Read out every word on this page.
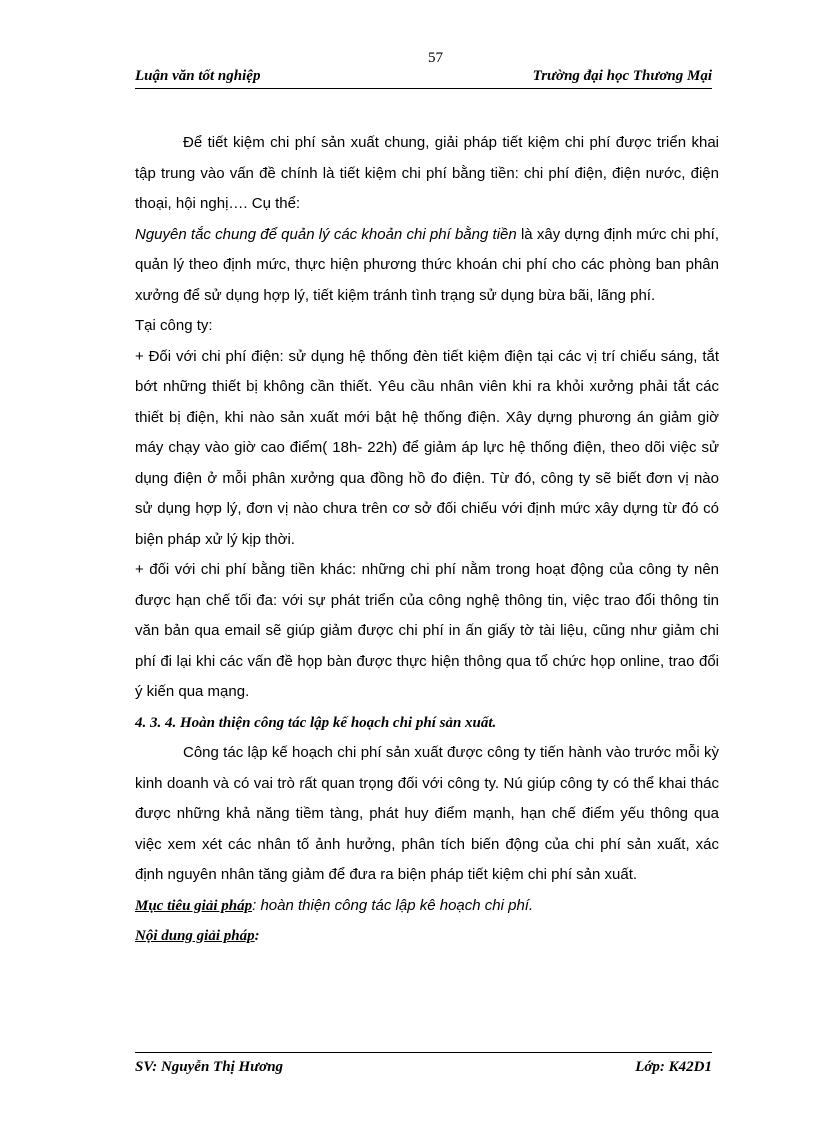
57
Luận văn tốt nghiệp	Trường đại học Thương Mại

Để tiết kiệm chi phí sản xuất chung, giải pháp tiết kiệm chi phí được triển khai tập trung vào vấn đề chính là tiết kiệm chi phí bằng tiền: chi phí điện, điện nước, điện thoại, hội nghị…. Cụ thể:

Nguyên tắc chung để quản lý các khoản chi phí bằng tiền là xây dựng định mức chi phí, quản lý theo định mức, thực hiện phương thức khoán chi phí cho các phòng ban phân xưởng để sử dụng hợp lý, tiết kiệm tránh tình trạng sử dụng bừa bãi, lãng phí.

Tại công ty:

+ Đối với chi phí điện: sử dụng hệ thống đèn tiết kiệm điện tại các vị trí chiếu sáng, tắt bớt những thiết bị không cần thiết. Yêu cầu nhân viên khi ra khỏi xưởng phải tắt các thiết bị điện, khi nào sản xuất mới bật hệ thống điện. Xây dựng phương án giảm giờ máy chạy vào giờ cao điểm( 18h- 22h) để giảm áp lực hệ thống điện, theo dõi việc sử dụng điện ở mỗi phân xưởng qua đồng hồ đo điện. Từ đó, công ty sẽ biết đơn vị nào sử dụng hợp lý, đơn vị nào chưa trên cơ sở đối chiếu với định mức xây dựng từ đó có biện pháp xử lý kịp thời.

+ đối với chi phí bằng tiền khác: những chi phí nằm trong hoạt động của công ty nên được hạn chế tối đa: với sự phát triển của công nghệ thông tin, việc trao đổi thông tin văn bản qua email sẽ giúp giảm được chi phí in ấn giấy tờ tài liệu, cũng như giảm chi phí đi lại khi các vấn đề họp bàn được thực hiện thông qua tổ chức họp online, trao đổi ý kiến qua mạng.

4. 3. 4. Hoàn thiện công tác lập kế hoạch chi phí sản xuất.

Công tác lập kế hoạch chi phí sản xuất được công ty tiến hành vào trước mỗi kỳ kinh doanh và có vai trò rất quan trọng đối với công ty. Nú giúp công ty có thể khai thác được những khả năng tiềm tàng, phát huy điểm mạnh, hạn chế điểm yếu thông qua việc xem xét các nhân tố ảnh hưởng, phân tích biến động của chi phí sản xuất, xác định nguyên nhân tăng giảm để đưa ra biện pháp tiết kiệm chi phí sản xuất.

Mục tiêu giải pháp: hoàn thiện công tác lập kê hoạch chi phí.

Nội dung giải pháp:

SV: Nguyễn Thị Hương	Lớp: K42D1
